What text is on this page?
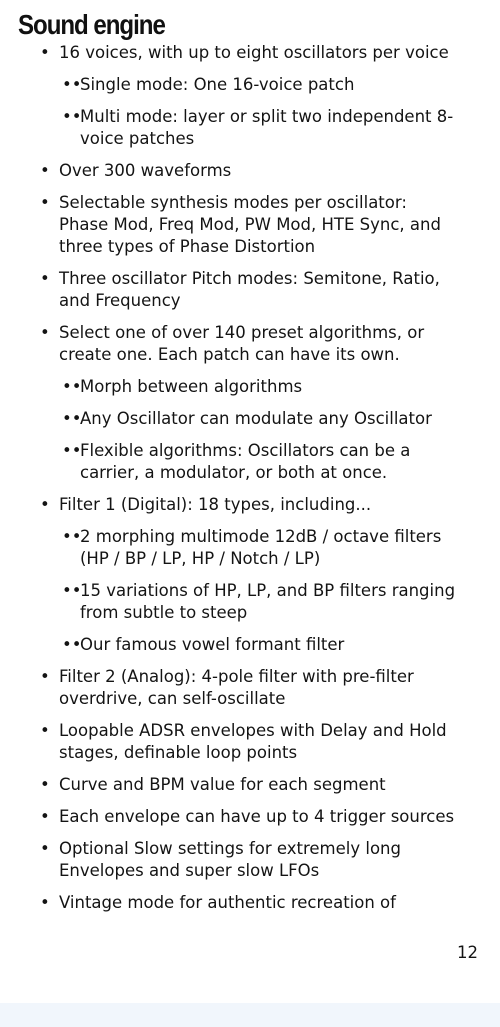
Sound engine
• 16 voices, with up to eight oscillators per voice
••
Single mode: One 16-voice patch
••
Multi mode: layer or split two independent 8-voice patches
• Over 300 waveforms
• Selectable synthesis modes per oscillator: Phase Mod, Freq Mod, PW Mod, HTE Sync, and three types of Phase Distortion
• Three oscillator Pitch modes: Semitone, Ratio, and Frequency
• Select one of over 140 preset algorithms, or create one. Each patch can have its own.
••
Morph between algorithms
••
Any Oscillator can modulate any Oscillator
••
Flexible algorithms: Oscillators can be a carrier, a modulator, or both at once.
• Filter 1 (Digital): 18 types, including...
••
2 morphing multimode 12dB / octave filters (HP / BP / LP, HP / Notch / LP)
••
15 variations of HP, LP, and BP filters ranging from subtle to steep
••
Our famous vowel formant filter
• Filter 2 (Analog): 4-pole filter with pre-filter overdrive, can self-oscillate
• Loopable ADSR envelopes with Delay and Hold stages, definable loop points
• Curve and BPM value for each segment
• Each envelope can have up to 4 trigger sources
• Optional Slow settings for extremely long Envelopes and super slow LFOs
• Vintage mode for authentic recreation of
12
